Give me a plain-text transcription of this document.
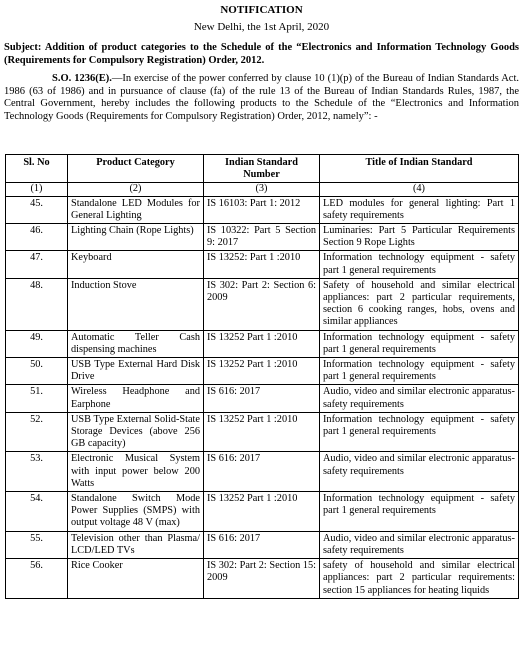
NOTIFICATION
New Delhi, the 1st April, 2020
Subject: Addition of product categories to the Schedule of the “Electronics and Information Technology Goods (Requirements for Compulsory Registration) Order, 2012.
S.O. 1236(E).—In exercise of the power conferred by clause 10 (1)(p) of the Bureau of Indian Standards Act. 1986 (63 of 1986) and in pursuance of clause (fa) of the rule 13 of the Bureau of Indian Standards Rules, 1987, the Central Government, hereby includes the following products to the Schedule of the “Electronics and Information Technology Goods (Requirements for Compulsory Registration) Order, 2012, namely”: -
Sl. No	Product Category	Indian Standard Number	Title of Indian Standard
(1)	(2)	(3)	(4)
45.	Standalone LED Modules for General Lighting	IS 16103: Part 1: 2012	LED modules for general lighting: Part 1 safety requirements
46.	Lighting Chain (Rope Lights)	IS 10322: Part 5 Section 9: 2017	Luminaries: Part 5 Particular Requirements Section 9 Rope Lights
47.	Keyboard	IS 13252: Part 1 :2010	Information technology equipment - safety part 1 general requirements
48.	Induction Stove	IS 302: Part 2: Section 6: 2009	Safety of household and similar electrical appliances: part 2 particular requirements, section 6 cooking ranges, hobs, ovens and similar appliances
49.	Automatic Teller Cash dispensing machines	IS 13252 Part 1 :2010	Information technology equipment - safety part 1 general requirements
50.	USB Type External Hard Disk Drive	IS 13252 Part 1 :2010	Information technology equipment - safety part 1 general requirements
51.	Wireless Headphone and Earphone	IS 616: 2017	Audio, video and similar electronic apparatus-safety requirements
52.	USB Type External Solid-State Storage Devices (above 256 GB capacity)	IS 13252 Part 1 :2010	Information technology equipment - safety part 1 general requirements
53.	Electronic Musical System with input power below 200 Watts	IS 616: 2017	Audio, video and similar electronic apparatus-safety requirements
54.	Standalone Switch Mode Power Supplies (SMPS) with output voltage 48 V (max)	IS 13252 Part 1 :2010	Information technology equipment - safety part 1 general requirements
55.	Television other than Plasma/ LCD/LED TVs	IS 616: 2017	Audio, video and similar electronic apparatus-safety requirements
56.	Rice Cooker	IS 302: Part 2: Section 15: 2009	safety of household and similar electrical appliances: part 2 particular requirements: section 15 appliances for heating liquids
